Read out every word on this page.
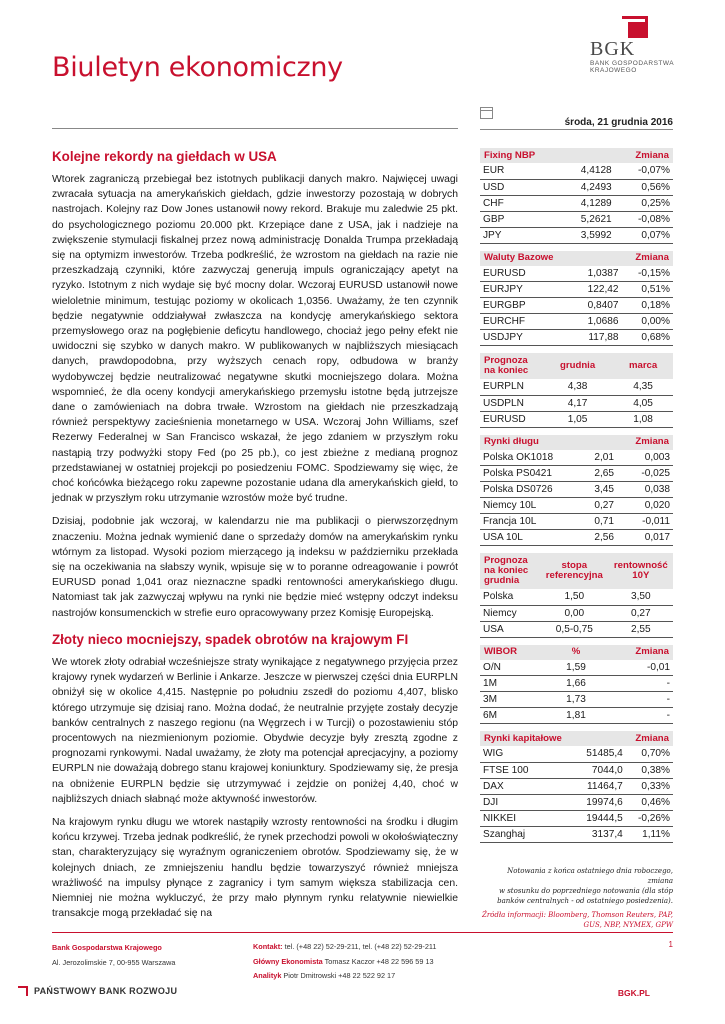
Biuletyn ekonomiczny
BGK
BANK GOSPODARSTWA
KRAJOWEGO
środa, 21 grudnia 2016
Kolejne rekordy na giełdach w USA

Wtorek zagraniczą przebiegał bez istotnych publikacji danych makro. Najwięcej uwagi zwracała sytuacja na amerykańskich giełdach, gdzie inwestorzy pozostają w dobrych nastrojach. Kolejny raz Dow Jones ustanowił nowy rekord. Brakuje mu zaledwie 25 pkt. do psychologicznego poziomu 20.000 pkt. Krzepiące dane z USA, jak i nadzieje na zwiększenie stymulacji fiskalnej przez nową administrację Donalda Trumpa przekładają się na optymizm inwestorów. Trzeba podkreślić, że wzrostom na giełdach na razie nie przeszkadzają czynniki, które zazwyczaj generują impuls ograniczający apetyt na ryzyko. Istotnym z nich wydaje się być mocny dolar. Wczoraj EURUSD ustanowił nowe wieloletnie minimum, testując poziomy w okolicach 1,0356. Uważamy, że ten czynnik będzie negatywnie oddziaływał zwłaszcza na kondycję amerykańskiego sektora przemysłowego oraz na pogłębienie deficytu handlowego, chociaż jego pełny efekt nie uwidoczni się szybko w danych makro. W publikowanych w najbliższych miesiącach danych, prawdopodobna, przy wyższych cenach ropy, odbudowa w branży wydobywczej będzie neutralizować negatywne skutki mocniejszego dolara. Można wspomnieć, że dla oceny kondycji amerykańskiego przemysłu istotne będą jutrzejsze dane o zamówieniach na dobra trwałe. Wzrostom na giełdach nie przeszkadzają również perspektywy zacieśnienia monetarnego w USA. Wczoraj John Williams, szef Rezerwy Federalnej w San Francisco wskazał, że jego zdaniem w przyszłym roku nastąpią trzy podwyżki stopy Fed (po 25 pb.), co jest zbieżne z medianą prognoz przedstawianej w ostatniej projekcji po posiedzeniu FOMC. Spodziewamy się więc, że choć końcówka bieżącego roku zapewne pozostanie udana dla amerykańskich giełd, to jednak w przyszłym roku utrzymanie wzrostów może być trudne.

Dzisiaj, podobnie jak wczoraj, w kalendarzu nie ma publikacji o pierwszorzędnym znaczeniu. Można jednak wymienić dane o sprzedaży domów na amerykańskim rynku wtórnym za listopad. Wysoki poziom mierzącego ją indeksu w październiku przekłada się na oczekiwania na słabszy wynik, wpisuje się w to poranne odreagowanie i powrót EURUSD ponad 1,041 oraz nieznaczne spadki rentowności amerykańskiego długu. Natomiast tak jak zazwyczaj wpływu na rynki nie będzie mieć wstępny odczyt indeksu nastrojów konsumenckich w strefie euro opracowywany przez Komisję Europejską.

Złoty nieco mocniejszy, spadek obrotów na krajowym FI

We wtorek złoty odrabiał wcześniejsze straty wynikające z negatywnego przyjęcia przez krajowy rynek wydarzeń w Berlinie i Ankarze. Jeszcze w pierwszej części dnia EURPLN obniżył się w okolice 4,415. Następnie po południu zszedł do poziomu 4,407, blisko którego utrzymuje się dzisiaj rano. Można dodać, że neutralnie przyjęte zostały decyzje banków centralnych z naszego regionu (na Węgrzech i w Turcji) o pozostawieniu stóp procentowych na niezmienionym poziomie. Obydwie decyzje były zresztą zgodne z prognozami rynkowymi. Nadal uważamy, że złoty ma potencjał aprecjacyjny, a poziomy EURPLN nie doważają dobrego stanu krajowej koniunktury. Spodziewamy się, że presja na obniżenie EURPLN będzie się utrzymywać i zejdzie on poniżej 4,40, choć w najbliższych dniach słabnąć może aktywność inwestorów.

Na krajowym rynku długu we wtorek nastąpiły wzrosty rentowności na środku i długim końcu krzywej. Trzeba jednak podkreślić, że rynek przechodzi powoli w okołoświąteczny stan, charakteryzujący się wyraźnym ograniczeniem obrotów. Spodziewamy się, że w kolejnych dniach, ze zmniejszeniu handlu będzie towarzyszyć również mniejsza wrażliwość na impulsy płynące z zagranicy i tym samym większa stabilizacja cen. Niemniej nie można wykluczyć, że przy mało płynnym rynku relatywnie niewielkie transakcje mogą przekładać się na

Fixing NBP		Zmiana
EUR	4,4128	-0,07%
USD	4,2493	0,56%
CHF	4,1289	0,25%
GBP	5,2621	-0,08%
JPY	3,5992	0,07%
Waluty Bazowe		Zmiana
EURUSD	1,0387	-0,15%
EURJPY	122,42	0,51%
EURGBP	0,8407	0,18%
EURCHF	1,0686	0,00%
USDJPY	117,88	0,68%
Prognoza na koniec	grudnia	marca
EURPLN	4,38	4,35
USDPLN	4,17	4,05
EURUSD	1,05	1,08
Rynki długu		Zmiana
Polska OK1018	2,01	0,003
Polska PS0421	2,65	-0,025
Polska DS0726	3,45	0,038
Niemcy 10L	0,27	0,020
Francja 10L	0,71	-0,011
USA 10L	2,56	0,017
Prognoza na koniec grudnia	stopa referencyjna	rentowność 10Y
Polska	1,50	3,50
Niemcy	0,00	0,27
USA	0,5-0,75	2,55
WIBOR	%	Zmiana
O/N	1,59	-0,01
1M	1,66	-
3M	1,73	-
6M	1,81	-
Rynki kapitałowe		Zmiana
WIG	51485,4	0,70%
FTSE 100	7044,0	0,38%
DAX	11464,7	0,33%
DJI	19974,6	0,46%
NIKKEI	19444,5	-0,26%
Szanghaj	3137,4	1,11%
Notowania z końca ostatniego dnia roboczego, zmiana
w stosunku do poprzedniego notowania (dla stóp
banków centralnych - od ostatniego posiedzenia).
Źródła informacji: Bloomberg, Thomson Reuters, PAP,
GUS, NBP, NYMEX, GPW
Bank Gospodarstwa Krajowego
Al. Jerozolimskie 7, 00-955 Warszawa
Kontakt: tel. (+48 22) 52-29-211, tel. (+48 22) 52-29-211
Główny Ekonomista Tomasz Kaczor +48 22 596 59 13
Analityk Piotr Dmitrowski +48 22 522 92 17
1
PAŃSTWOWY BANK ROZWOJU	BGK.PL
